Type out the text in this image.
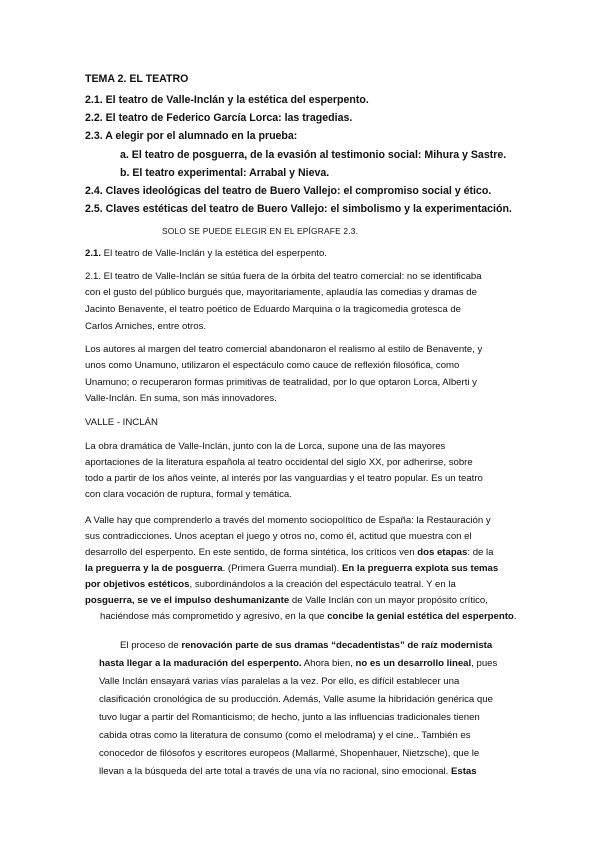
TEMA 2. EL TEATRO
2.1. El teatro de Valle-Inclán y la estética del esperpento.
2.2. El teatro de Federico García Lorca: las tragedias.
2.3. A elegir por el alumnado en la prueba:
a. El teatro de posguerra, de la evasión al testimonio social: Mihura y Sastre.
b. El teatro experimental: Arrabal y Nieva.
2.4. Claves ideológicas del teatro de Buero Vallejo: el compromiso social y ético.
2.5. Claves estéticas del teatro de Buero Vallejo: el simbolismo y la experimentación.
SOLO SE PUEDE ELEGIR EN EL EPÍGRAFE 2.3.
2.1. El teatro de Valle-Inclán y la estética del esperpento.
2.1. El teatro de Valle-Inclán se sitúa fuera de la órbita del teatro comercial: no se identificaba
con el gusto del público burgués que, mayoritariamente, aplaudía las comedias y dramas de
Jacinto Benavente, el teatro poético de Eduardo Marquina o la tragicomedia grotesca de
Carlos Arniches, entre otros.
Los autores al margen del teatro comercial abandonaron el realismo al estilo de Benavente, y
unos como Unamuno, utilizaron el espectáculo como cauce de reflexión filosófica, como
Unamuno; o recuperaron formas primitivas de teatralidad, por lo que optaron Lorca, Alberti y
Valle-Inclán. En suma, son más innovadores.
VALLE - INCLÁN
La obra dramática de Valle-Inclán, junto con la de Lorca, supone una de las mayores
aportaciones de la literatura española al teatro occidental del siglo XX, por adherirse, sobre
todo a partir de los años veinte, al interés por las vanguardias y el teatro popular. Es un teatro
con clara vocación de ruptura, formal y temática.
A Valle hay que comprenderlo a través del momento sociopolítico de España: la Restauración y
sus contradicciones. Unos aceptan el juego y otros no, como él, actitud que muestra con el
desarrollo del esperpento. En este sentido, de forma sintética, los críticos ven dos etapas: de la
la preguerra y la de posguerra. (Primera Guerra mundial). En la preguerra explota sus temas
por objetivos estéticos, subordinándolos a la creación del espectáculo teatral. Y en la
posguerra, se ve el impulso deshumanizante de Valle Inclán con un mayor propósito crítico,
haciéndose más comprometido y agresivo, en la que concibe la genial estética del esperpento.
El proceso de renovación parte de sus dramas “decadentistas” de raíz modernista
hasta llegar a la maduración del esperpento. Ahora bien, no es un desarrollo lineal, pues
Valle Inclán ensayará varias vías paralelas a la vez. Por ello, es difícil establecer una
clasificación cronológica de su producción. Además, Valle asume la hibridación genérica que
tuvo lugar a partir del Romanticismo; de hecho, junto a las influencias tradicionales tienen
cabida otras como la literatura de consumo (como el melodrama) y el cine.. También es
conocedor de filósofos y escritores europeos (Mallarmé, Shopenhauer, Nietzsche), que le
llevan a la búsqueda del arte total a través de una vía no racional, sino emocional. Estas
